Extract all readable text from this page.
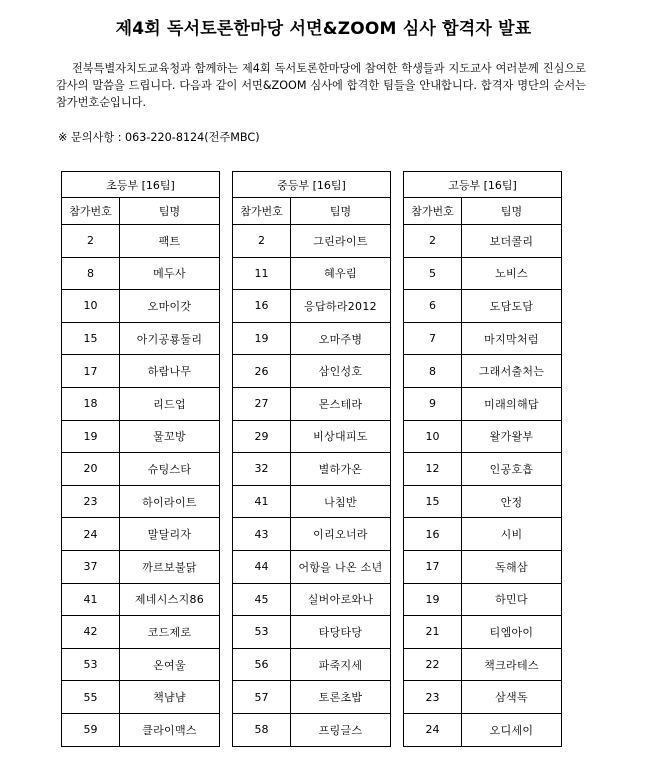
제4회 독서토론한마당 서면&ZOOM 심사 합격자 발표
전북특별자치도교육청과 함께하는 제4회 독서토론한마당에 참여한 학생들과 지도교사 여러분께 진심으로 감사의 말씀을 드립니다. 다음과 같이 서면&ZOOM 심사에 합격한 팀들을 안내합니다. 합격자 명단의 순서는 참가번호순입니다.
※ 문의사항 : 063-220-8124(전주MBC)
초등부 [16팀]	
참가번호	팀명
2	팩트
8	메두사
10	오마이갓
15	아기공룡둘리
17	하람나무
18	리드업
19	물꼬방
20	슈팅스타
23	하이라이트
24	말달리자
37	까르보불닭
41	제네시스지86
42	코드제로
53	온여울
55	책냠냠
59	클라이맥스
중등부 [16팀]	
참가번호	팀명
2	그린라이트
11	혜우림
16	응답하라2012
19	오마주병
26	삼인성호
27	몬스테라
29	비상대피도
32	별하가온
41	나침반
43	이리오너라
44	어항을 나온 소년
45	실버아로와나
53	타당타당
56	파죽지세
57	토론초밥
58	프링글스
고등부 [16팀]	
참가번호	팀명
2	보더콜리
5	노비스
6	도담도담
7	마지막처럼
8	그래서출처는
9	미래의해답
10	왈가왈부
12	인공호흡
15	안정
16	시비
17	독해삼
19	하민다
21	티엠아이
22	책크라테스
23	삼색독
24	오디세이
